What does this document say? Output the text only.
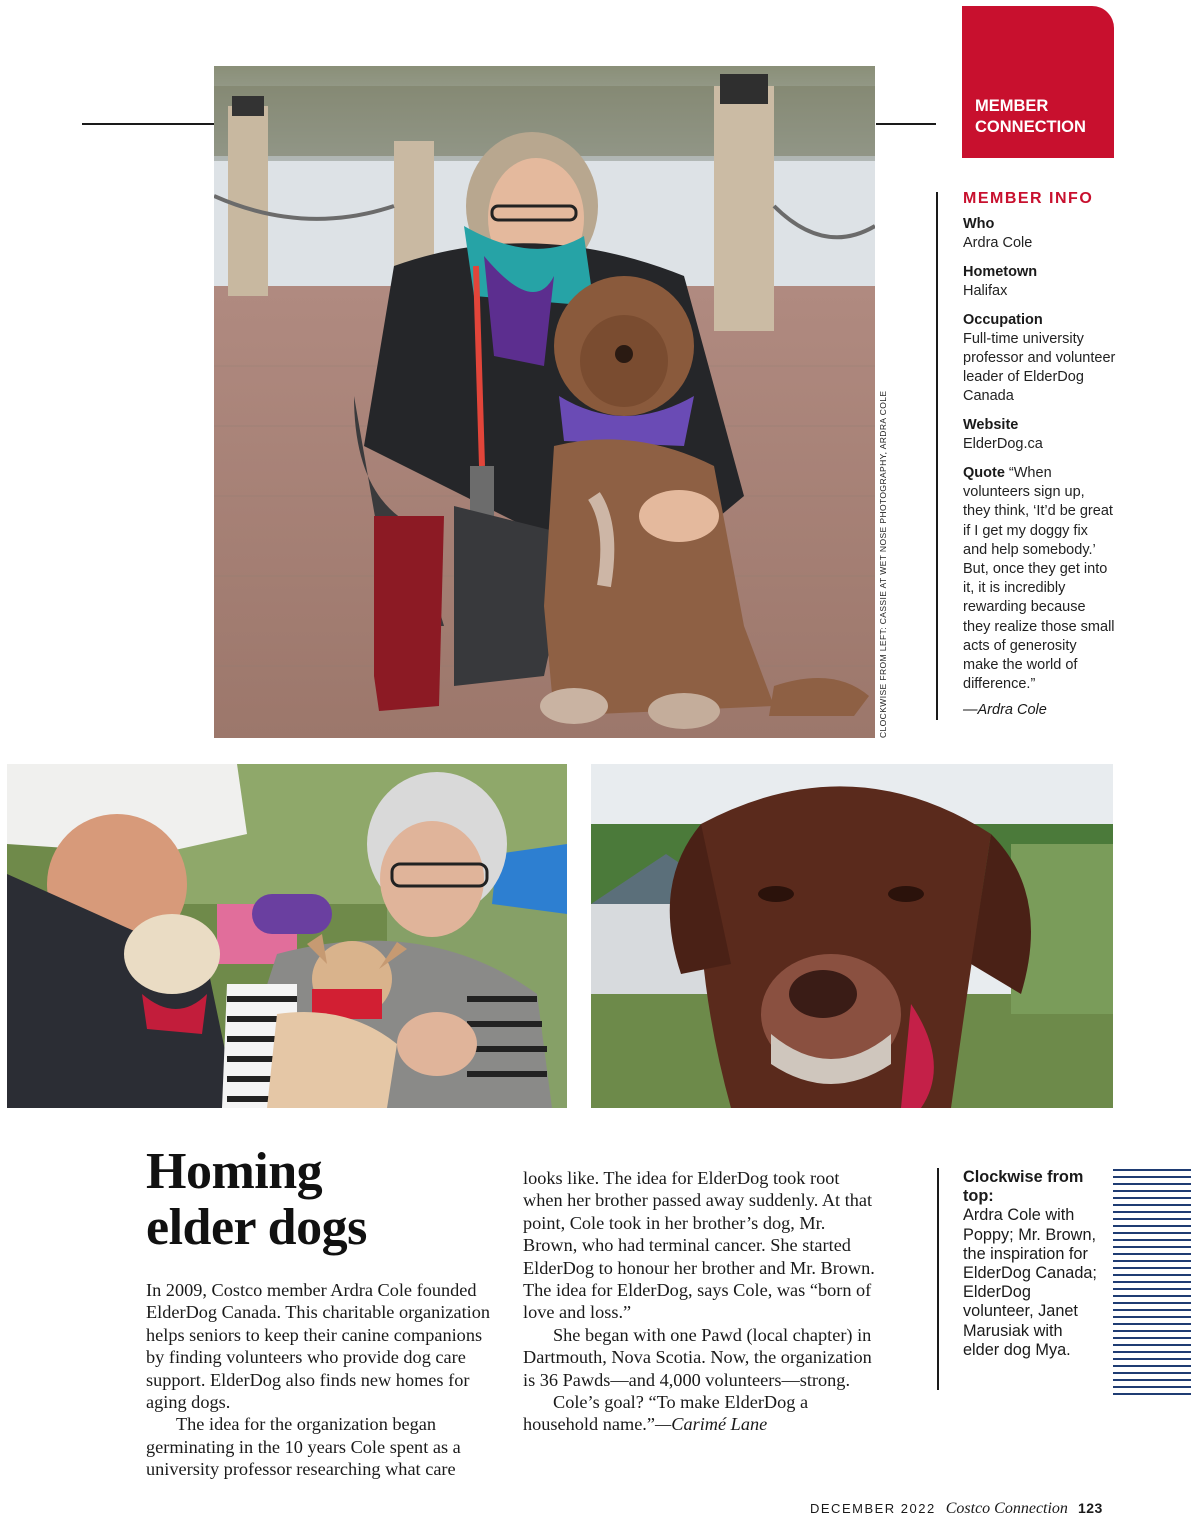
CLOCKWISE FROM LEFT: CASSIE AT WET NOSE PHOTOGRAPHY, ARDRA COLE
MEMBER
CONNECTION
MEMBER INFO
Who
Ardra Cole
Hometown
Halifax
Occupation
Full-time university professor and volunteer leader of ElderDog Canada
Website
ElderDog.ca
Quote “When volunteers sign up, they think, ‘It’d be great if I get my doggy fix and help somebody.’ But, once they get into it, it is incredibly rewarding because they realize those small acts of generosity make the world of difference.”
—Ardra Cole
Homing
elder dogs

In 2009, Costco member Ardra Cole founded ElderDog Canada. This charitable organization helps seniors to keep their canine companions by finding volunteers who provide dog care support. ElderDog also finds new homes for aging dogs.

The idea for the organization began germinating in the 10 years Cole spent as a university professor researching what care

looks like. The idea for ElderDog took root when her brother passed away suddenly. At that point, Cole took in her brother’s dog, Mr. Brown, who had terminal cancer. She started ElderDog to honour her brother and Mr. Brown. The idea for ElderDog, says Cole, was “born of love and loss.”

She began with one Pawd (local chapter) in Dartmouth, Nova Scotia. Now, the organization is 36 Pawds—and 4,000 volunteers—strong.

Cole’s goal? “To make ElderDog a household name.”—Carimé Lane

Clockwise from top:
Ardra Cole with Poppy; Mr. Brown, the inspiration for ElderDog Canada; ElderDog volunteer, Janet Marusiak with elder dog Mya.
DECEMBER 2022 Costco Connection 123
